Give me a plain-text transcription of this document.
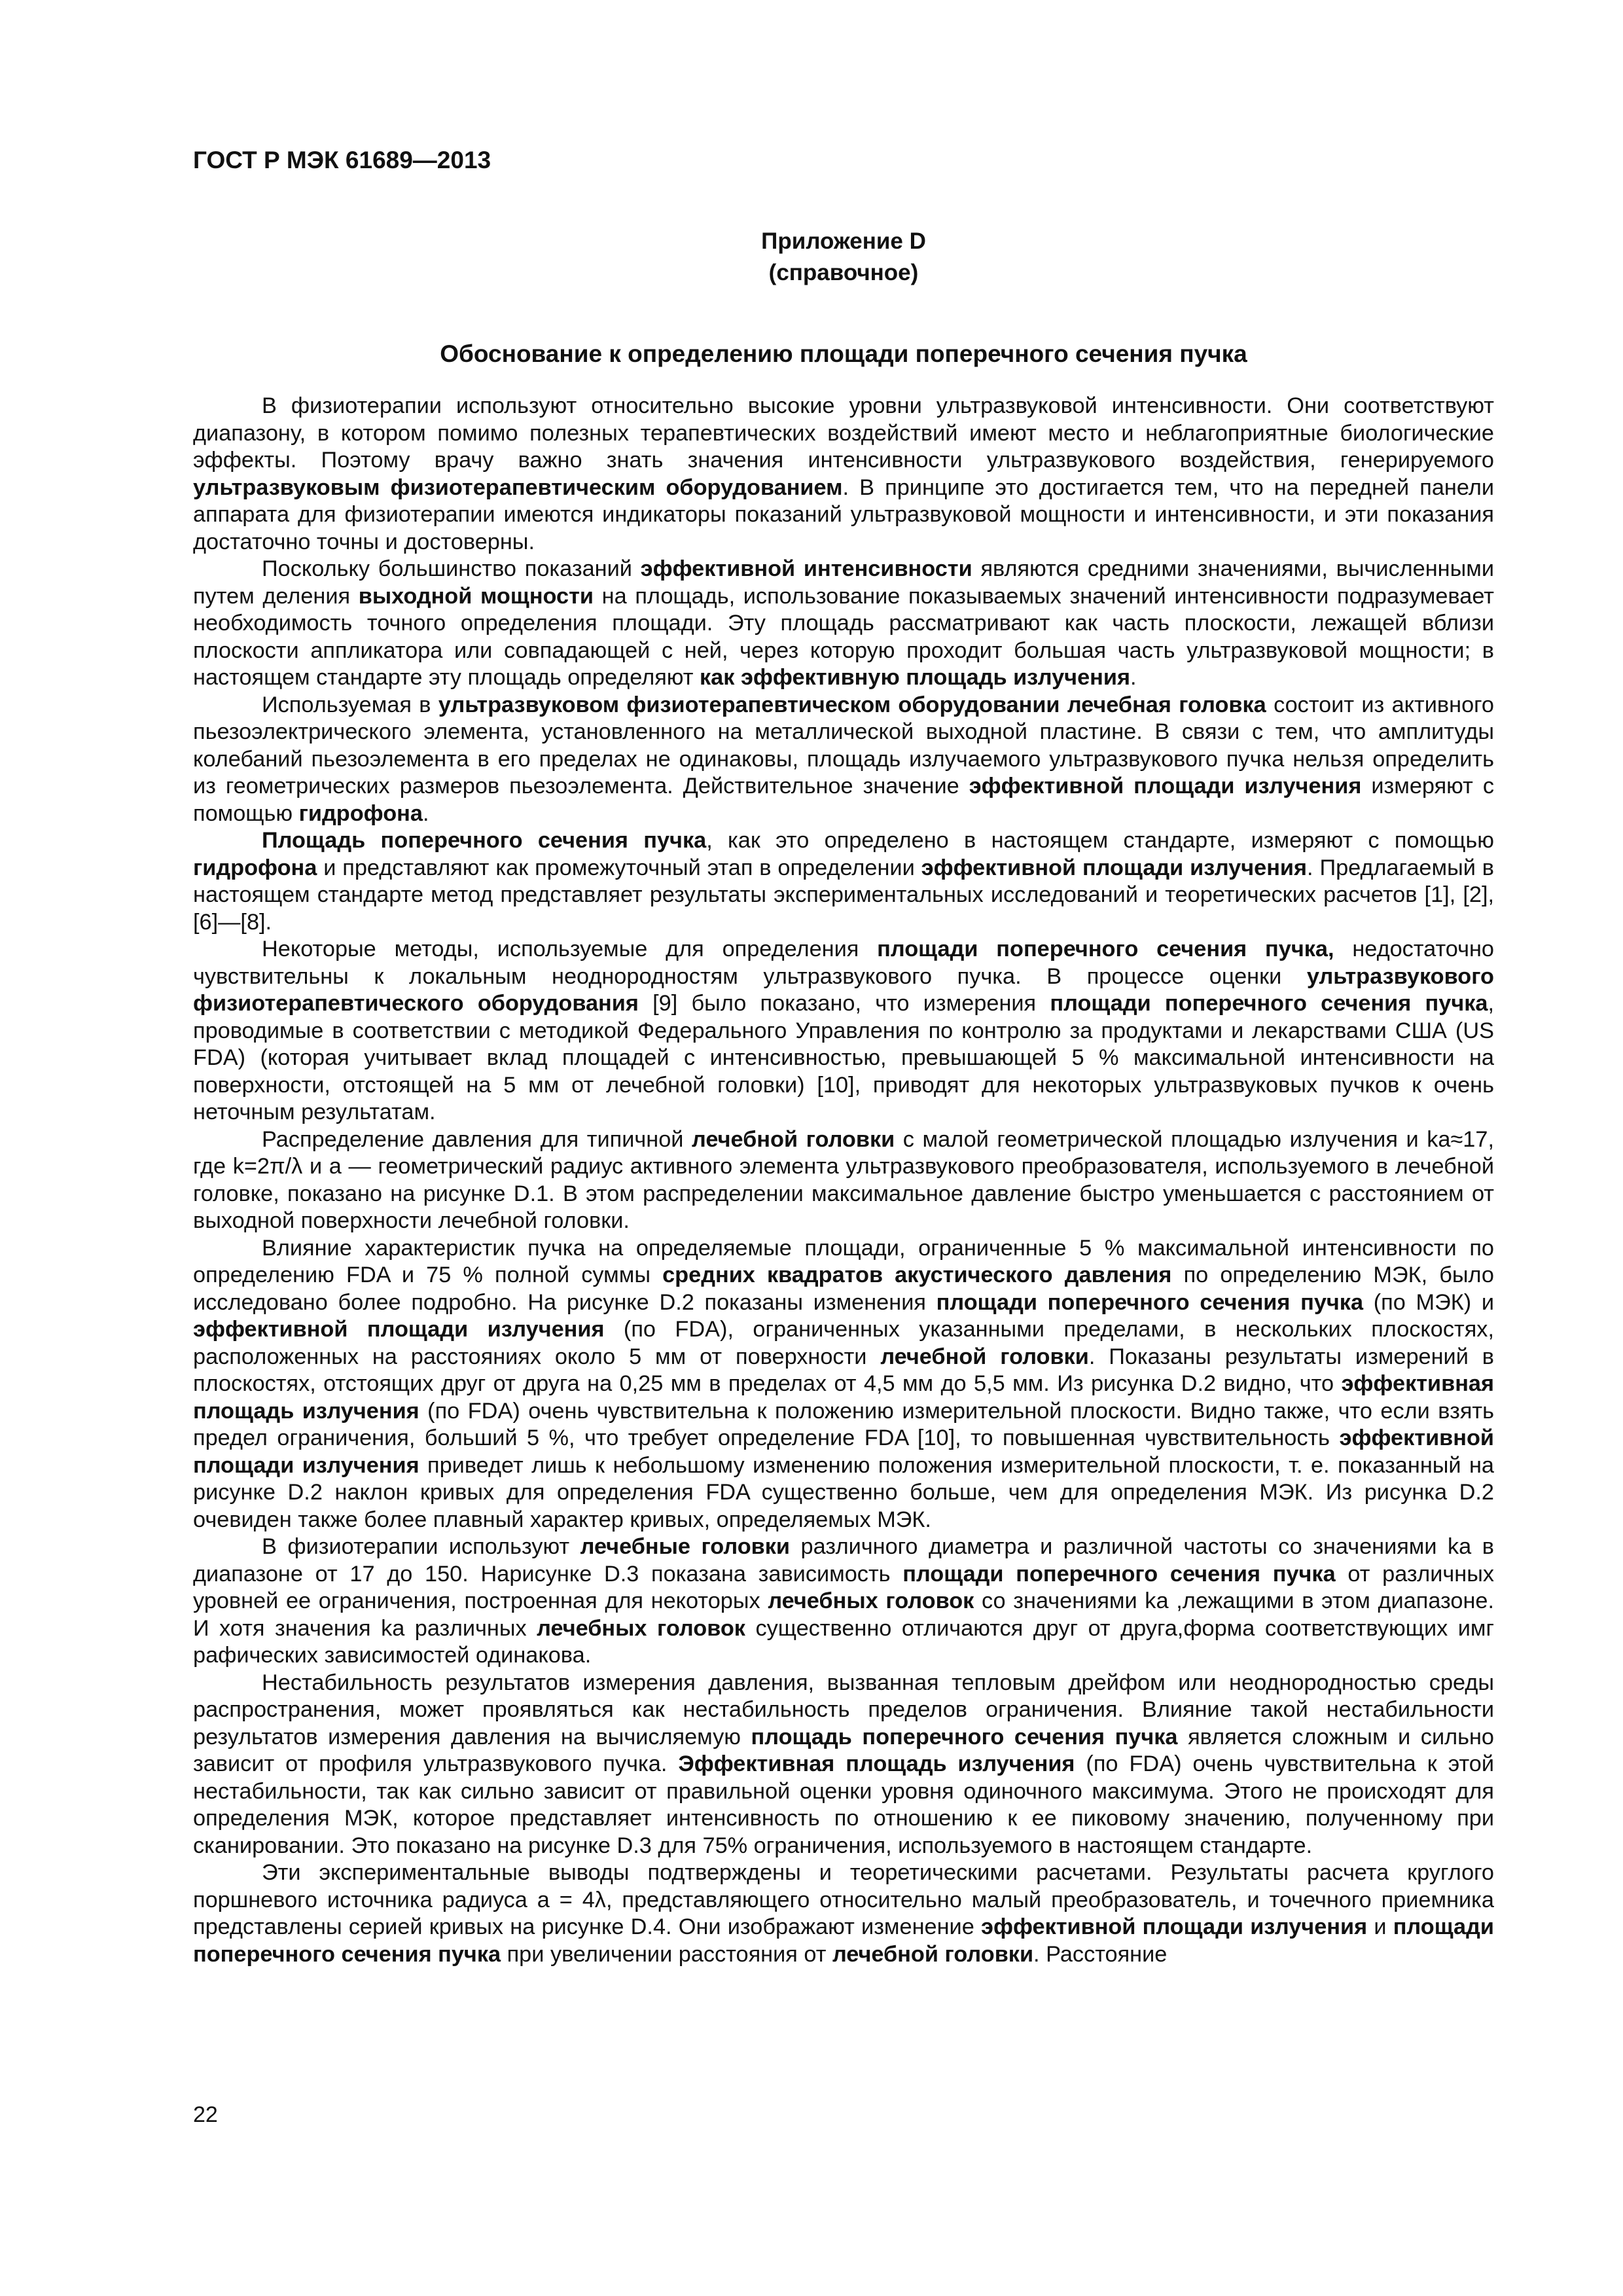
ГОСТ Р МЭК 61689—2013
Приложение D
(справочное)
Обоснование к определению площади поперечного сечения пучка

В физиотерапии используют относительно высокие уровни ультразвуковой интенсивности. Они соответствуют диапазону, в котором помимо полезных терапевтических воздействий имеют место и неблагоприятные биологические эффекты. Поэтому врачу важно знать значения интенсивности ультразвукового воздействия, генерируемого ультразвуковым физиотерапевтическим оборудованием. В принципе это достигается тем, что на передней панели аппарата для физиотерапии имеются индикаторы показаний ультразвуковой мощности и интенсивности, и эти показания достаточно точны и достоверны.

Поскольку большинство показаний эффективной интенсивности являются средними значениями, вычисленными путем деления выходной мощности на площадь, использование показываемых значений интенсивности подразумевает необходимость точного определения площади. Эту площадь рассматривают как часть плоскости, лежащей вблизи плоскости аппликатора или совпадающей с ней, через которую проходит большая часть ультразвуковой мощности; в настоящем стандарте эту площадь определяют как эффективную площадь излучения.

Используемая в ультразвуковом физиотерапевтическом оборудовании лечебная головка состоит из активного пьезоэлектрического элемента, установленного на металлической выходной пластине. В связи с тем, что амплитуды колебаний пьезоэлемента в его пределах не одинаковы, площадь излучаемого ультразвукового пучка нельзя определить из геометрических размеров пьезоэлемента. Действительное значение эффективной площади излучения измеряют с помощью гидрофона.

Площадь поперечного сечения пучка, как это определено в настоящем стандарте, измеряют с помощью гидрофона и представляют как промежуточный этап в определении эффективной площади излучения. Предлагаемый в настоящем стандарте метод представляет результаты экспериментальных исследований и теоретических расчетов [1], [2], [6]—[8].

Некоторые методы, используемые для определения площади поперечного сечения пучка, недостаточно чувствительны к локальным неоднородностям ультразвукового пучка. В процессе оценки ультразвукового физиотерапевтического оборудования [9] было показано, что измерения площади поперечного сечения пучка, проводимые в соответствии с методикой Федерального Управления по контролю за продуктами и лекарствами США (US FDA) (которая учитывает вклад площадей с интенсивностью, превышающей 5 % максимальной интенсивности на поверхности, отстоящей на 5 мм от лечебной головки) [10], приводят для некоторых ультразвуковых пучков к очень неточным результатам.

Распределение давления для типичной лечебной головки с малой геометрической площадью излучения и ka≈17, где k=2π/λ и a — геометрический радиус активного элемента ультразвукового преобразователя, используемого в лечебной головке, показано на рисунке D.1. В этом распределении максимальное давление быстро уменьшается с расстоянием от выходной поверхности лечебной головки.

Влияние характеристик пучка на определяемые площади, ограниченные 5 % максимальной интенсивности по определению FDA и 75 % полной суммы средних квадратов акустического давления по определению МЭК, было исследовано более подробно. На рисунке D.2 показаны изменения площади поперечного сечения пучка (по МЭК) и эффективной площади излучения (по FDA), ограниченных указанными пределами, в нескольких плоскостях, расположенных на расстояниях около 5 мм от поверхности лечебной головки. Показаны результаты измерений в плоскостях, отстоящих друг от друга на 0,25 мм в пределах от 4,5 мм до 5,5 мм. Из рисунка D.2 видно, что эффективная площадь излучения (по FDA) очень чувствительна к положению измерительной плоскости. Видно также, что если взять предел ограничения, больший 5 %, что требует определение FDA [10], то повышенная чувствительность эффективной площади излучения приведет лишь к небольшому изменению положения измерительной плоскости, т. е. показанный на рисунке D.2 наклон кривых для определения FDA существенно больше, чем для определения МЭК. Из рисунка D.2 очевиден также более плавный характер кривых, определяемых МЭК.

В физиотерапии используют лечебные головки различного диаметра и различной частоты со значениями ka в диапазоне от 17 до 150. Нарисунке D.3 показана зависимость площади поперечного сечения пучка от различных уровней ее ограничения, построенная для некоторых лечебных головок со значениями ka ,лежащими в этом диапазоне. И хотя значения ka различных лечебных головок существенно отличаются друг от друга,форма соответствующих имг рафических зависимостей одинакова.

Нестабильность результатов измерения давления, вызванная тепловым дрейфом или неоднородностью среды распространения, может проявляться как нестабильность пределов ограничения. Влияние такой нестабильности результатов измерения давления на вычисляемую площадь поперечного сечения пучка является сложным и сильно зависит от профиля ультразвукового пучка. Эффективная площадь излучения (по FDA) очень чувствительна к этой нестабильности, так как сильно зависит от правильной оценки уровня одиночного максимума. Этого не происходят для определения МЭК, которое представляет интенсивность по отношению к ее пиковому значению, полученному при сканировании. Это показано на рисунке D.3 для 75% ограничения, используемого в настоящем стандарте.

Эти экспериментальные выводы подтверждены и теоретическими расчетами. Результаты расчета круглого поршневого источника радиуса a = 4λ, представляющего относительно малый преобразователь, и точечного приемника представлены серией кривых на рисунке D.4. Они изображают изменение эффективной площади излучения и площади поперечного сечения пучка при увеличении расстояния от лечебной головки. Расстояние

22
